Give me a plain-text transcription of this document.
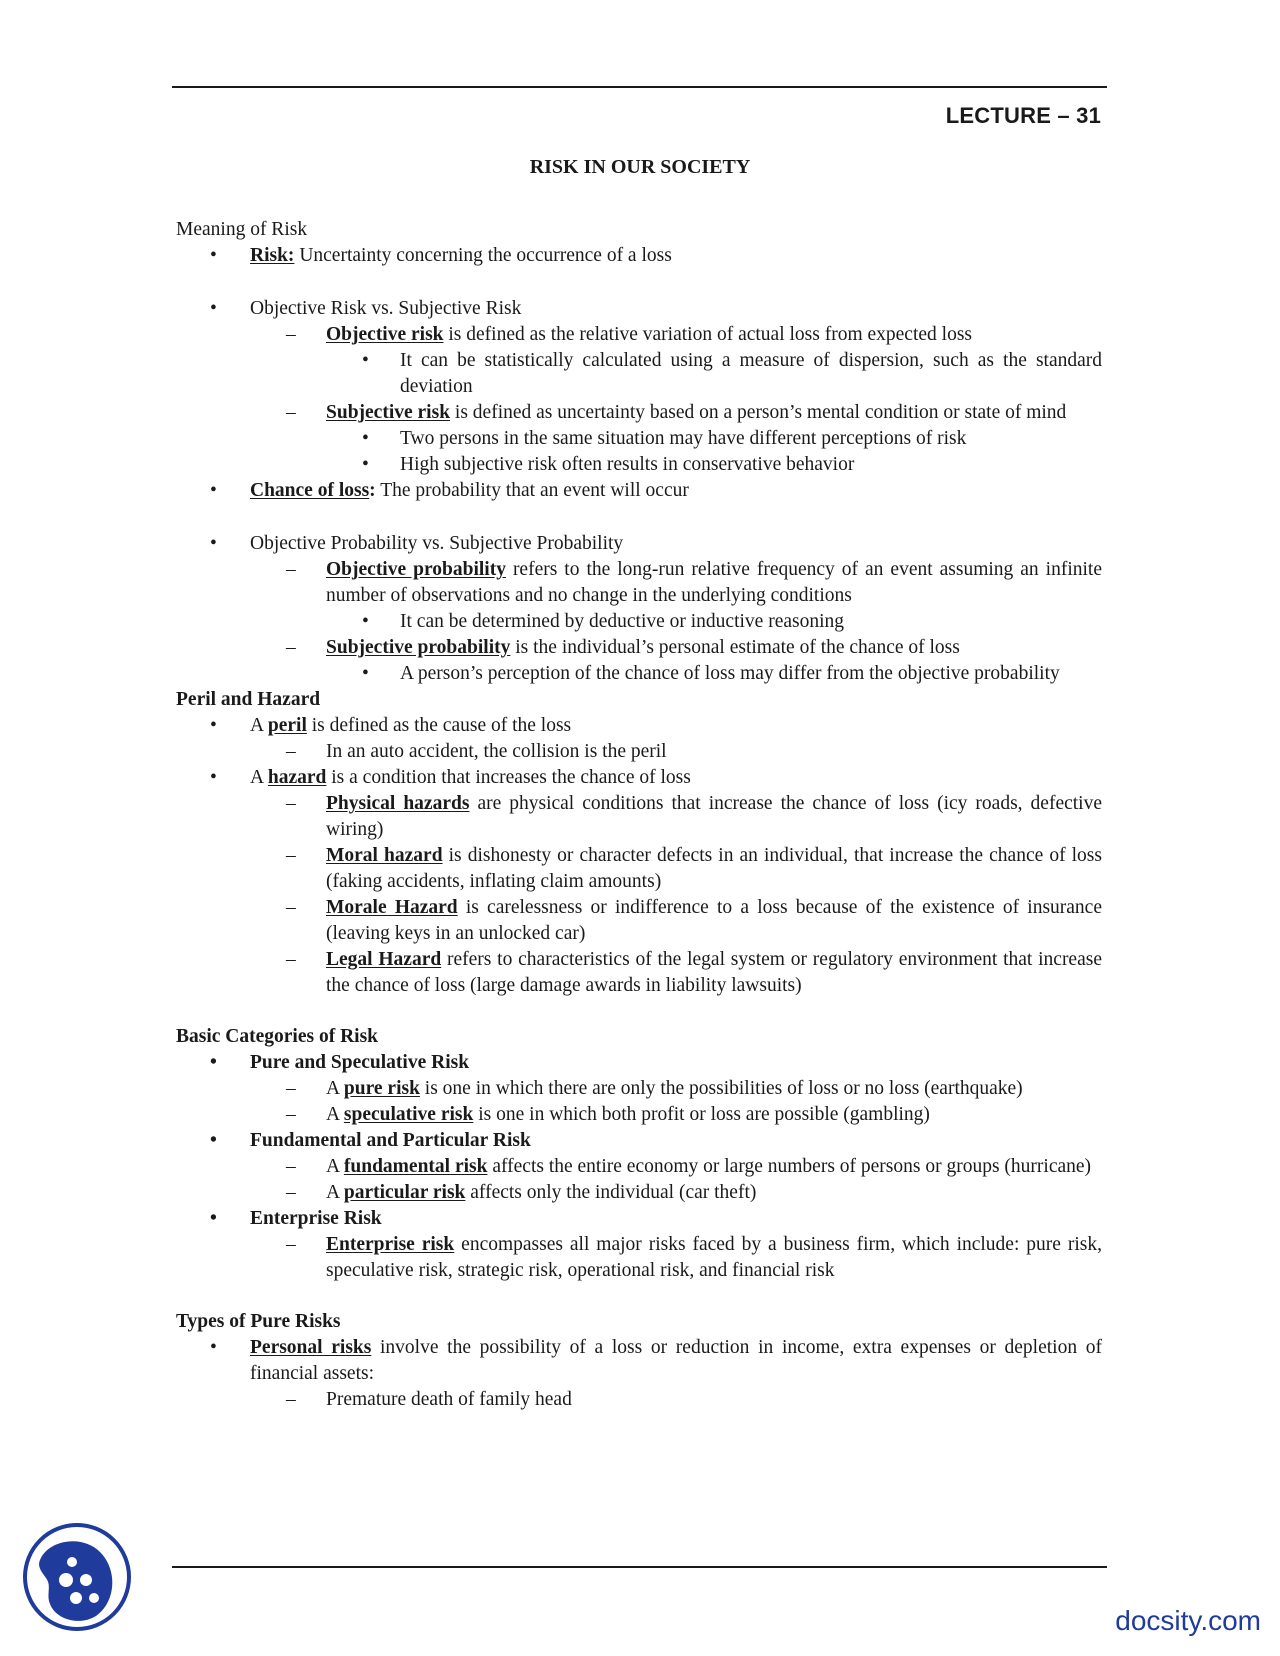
LECTURE – 31
RISK IN OUR SOCIETY
Meaning of Risk
• Risk: Uncertainty concerning the occurrence of a loss
• Objective Risk vs. Subjective Risk
– Objective risk is defined as the relative variation of actual loss from expected loss
• It can be statistically calculated using a measure of dispersion, such as the standard deviation
– Subjective risk is defined as uncertainty based on a person’s mental condition or state of mind
• Two persons in the same situation may have different perceptions of risk
• High subjective risk often results in conservative behavior
• Chance of loss: The probability that an event will occur
• Objective Probability vs. Subjective Probability
– Objective probability refers to the long-run relative frequency of an event assuming an infinite number of observations and no change in the underlying conditions
• It can be determined by deductive or inductive reasoning
– Subjective probability is the individual’s personal estimate of the chance of loss
• A person’s perception of the chance of loss may differ from the objective probability
Peril and Hazard
• A peril is defined as the cause of the loss
– In an auto accident, the collision is the peril
• A hazard is a condition that increases the chance of loss
– Physical hazards are physical conditions that increase the chance of loss (icy roads, defective wiring)
– Moral hazard is dishonesty or character defects in an individual, that increase the chance of loss (faking accidents, inflating claim amounts)
– Morale Hazard is carelessness or indifference to a loss because of the existence of insurance (leaving keys in an unlocked car)
– Legal Hazard refers to characteristics of the legal system or regulatory environment that increase the chance of loss (large damage awards in liability lawsuits)
Basic Categories of Risk
• Pure and Speculative Risk
– A pure risk is one in which there are only the possibilities of loss or no loss (earthquake)
– A speculative risk is one in which both profit or loss are possible (gambling)
• Fundamental and Particular Risk
– A fundamental risk affects the entire economy or large numbers of persons or groups (hurricane)
– A particular risk affects only the individual (car theft)
• Enterprise Risk
– Enterprise risk encompasses all major risks faced by a business firm, which include: pure risk, speculative risk, strategic risk, operational risk, and financial risk
Types of Pure Risks
• Personal risks involve the possibility of a loss or reduction in income, extra expenses or depletion of financial assets:
– Premature death of family head
docsity.com
